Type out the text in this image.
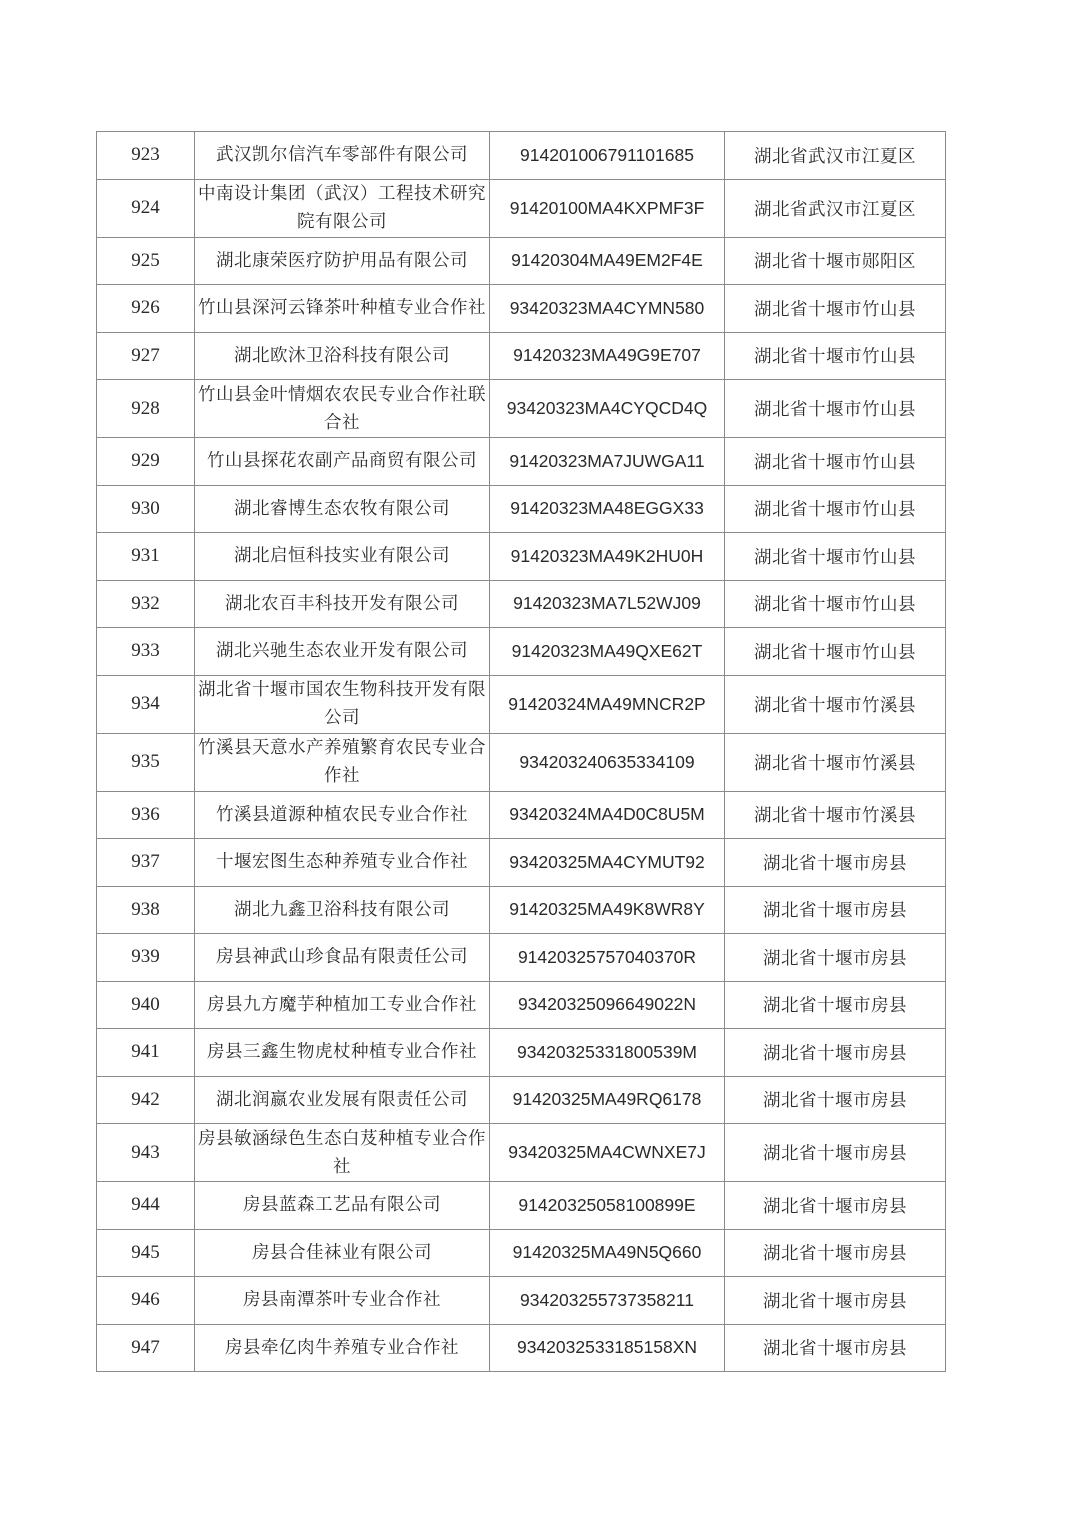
923	武汉凯尔信汽车零部件有限公司	914201006791101685	湖北省武汉市江夏区
924	中南设计集团（武汉）工程技术研究院有限公司	91420100MA4KXPMF3F	湖北省武汉市江夏区
925	湖北康荣医疗防护用品有限公司	91420304MA49EM2F4E	湖北省十堰市郧阳区
926	竹山县深河云锋茶叶种植专业合作社	93420323MA4CYMN580	湖北省十堰市竹山县
927	湖北欧沐卫浴科技有限公司	91420323MA49G9E707	湖北省十堰市竹山县
928	竹山县金叶情烟农农民专业合作社联合社	93420323MA4CYQCD4Q	湖北省十堰市竹山县
929	竹山县探花农副产品商贸有限公司	91420323MA7JUWGA11	湖北省十堰市竹山县
930	湖北睿博生态农牧有限公司	91420323MA48EGGX33	湖北省十堰市竹山县
931	湖北启恒科技实业有限公司	91420323MA49K2HU0H	湖北省十堰市竹山县
932	湖北农百丰科技开发有限公司	91420323MA7L52WJ09	湖北省十堰市竹山县
933	湖北兴驰生态农业开发有限公司	91420323MA49QXE62T	湖北省十堰市竹山县
934	湖北省十堰市国农生物科技开发有限公司	91420324MA49MNCR2P	湖北省十堰市竹溪县
935	竹溪县天意水产养殖繁育农民专业合作社	934203240635334109	湖北省十堰市竹溪县
936	竹溪县道源种植农民专业合作社	93420324MA4D0C8U5M	湖北省十堰市竹溪县
937	十堰宏图生态种养殖专业合作社	93420325MA4CYMUT92	湖北省十堰市房县
938	湖北九鑫卫浴科技有限公司	91420325MA49K8WR8Y	湖北省十堰市房县
939	房县神武山珍食品有限责任公司	91420325757040370R	湖北省十堰市房县
940	房县九方魔芋种植加工专业合作社	93420325096649022N	湖北省十堰市房县
941	房县三鑫生物虎杖种植专业合作社	93420325331800539M	湖北省十堰市房县
942	湖北润嬴农业发展有限责任公司	91420325MA49RQ6178	湖北省十堰市房县
943	房县敏涵绿色生态白芨种植专业合作社	93420325MA4CWNXE7J	湖北省十堰市房县
944	房县蓝森工艺品有限公司	91420325058100899E	湖北省十堰市房县
945	房县合佳袜业有限公司	91420325MA49N5Q660	湖北省十堰市房县
946	房县南潭茶叶专业合作社	934203255737358211	湖北省十堰市房县
947	房县牵亿肉牛养殖专业合作社	9342032533185158XN	湖北省十堰市房县
